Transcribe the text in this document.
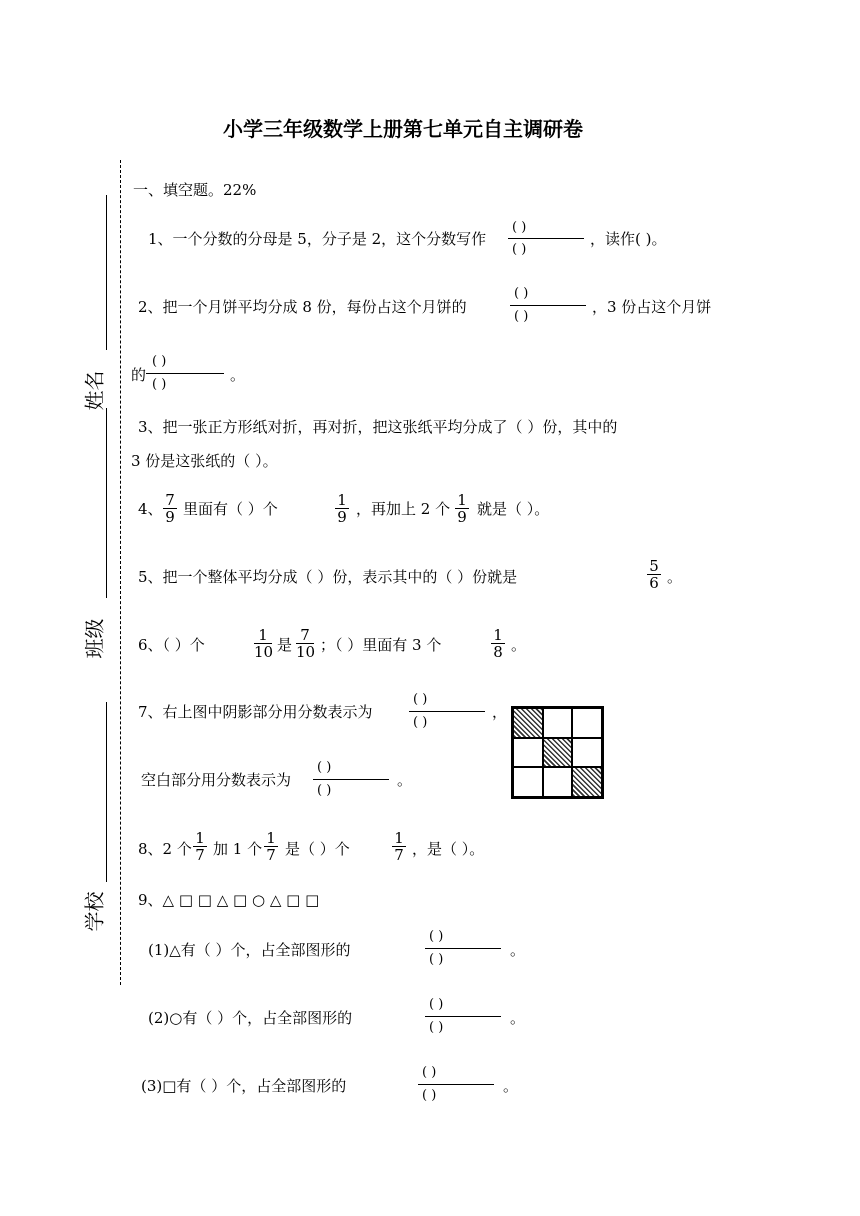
小学三年级数学上册第七单元自主调研卷
姓名
班级
学校
一、填空题。22%
1、一个分数的分母是 5，分子是 2，这个分数写作
( )
( )
，读作( )。
2、把一个月饼平均分成 8 份，每份占这个月饼的
( )
( )
，3 份占这个月饼
的
( )
( )
。
3、把一张正方形纸对折，再对折，把这张纸平均分成了（ ）份，其中的
3 份是这张纸的（ ）。
4、 7
9 里面有（ ）个	1
9 ，再加上 2 个 1
9 就是（ ）。
5、把一个整体平均分成（ ）份，表示其中的（ ）份就是
5
6 。
6、（ ）个
1
10 是
7
10 ；（ ）里面有 3 个
1
8 。
7、右上图中阴影部分用分数表示为
( )
( )
，
空白部分用分数表示为
( )
( )
。
8、2 个
1
7 加 1 个
1
7 是（ ）个
1
7 ，是（ ）。
9、△ □ □ △ □ ○ △ □ □
(1)△有（ ）个，占全部图形的
( )
( )
。
(2)○有（ ）个，占全部图形的
( )
( )
。
(3)□有（ ）个，占全部图形的
( )
( )
。
